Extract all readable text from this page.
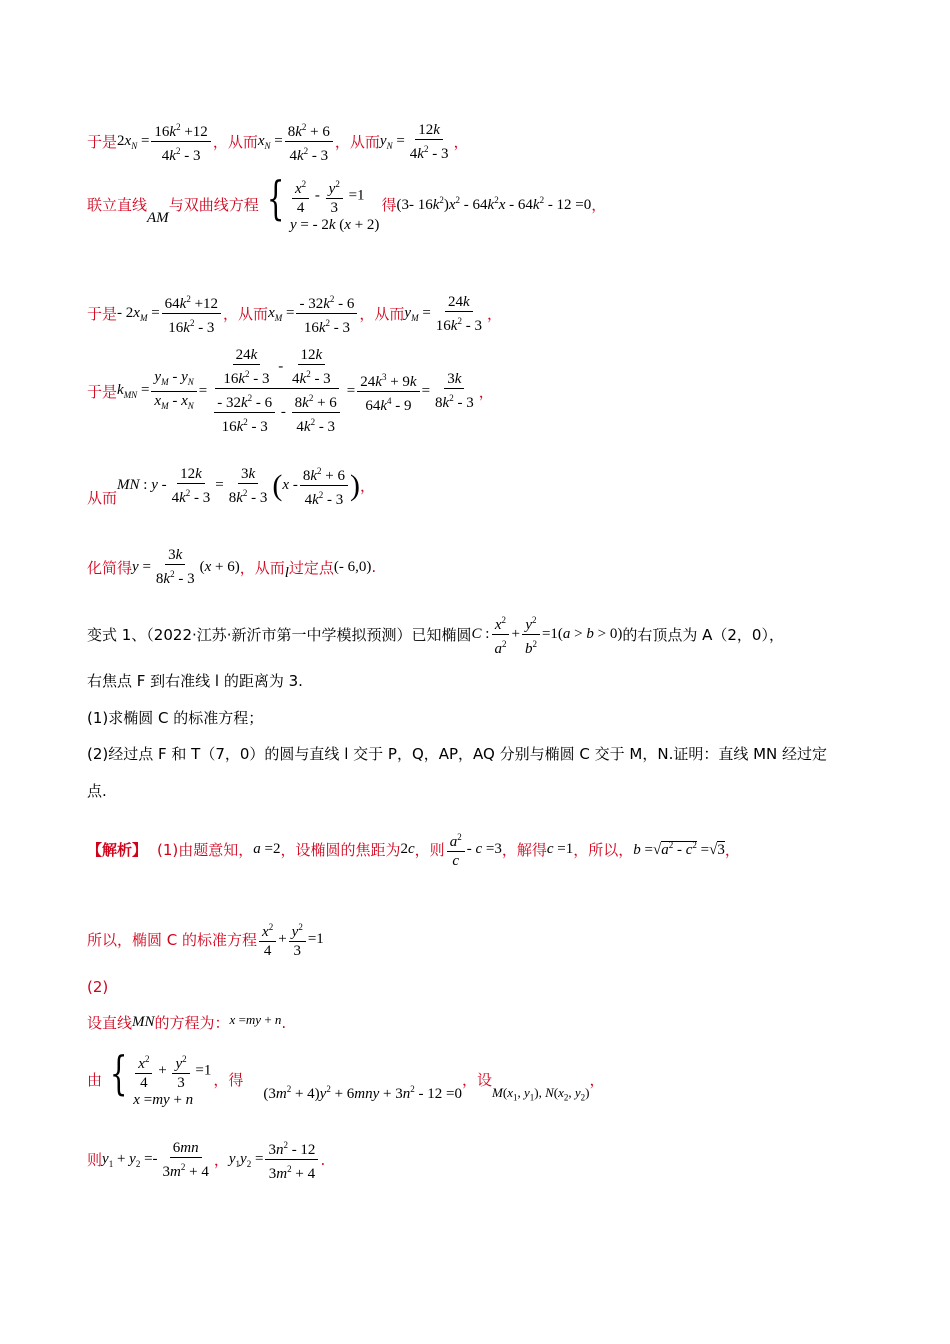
于是 $2x_N = \frac{16k^2 +12}{4k^2 - 3}$ ，从而 $x_N = \frac{8k^2 + 6}{4k^2 - 3}$ ，从而 $y_N = \frac{12k}{4k^2 - 3}$ ，
联立直线
AM
与双曲线方程 { $\frac{x^2}{4} - \frac{y^2}{3} =1$
y = - 2k (x + 2)
得 (3- $16k^2)x^2 - 64k^2x - 64k^2 - 12 =0$ ，
于是 - $2x_M = \frac{64k^2 +12}{16k^2 - 3}$ ，从而 $x_M = \frac{- 32k^2 - 6}{16k^2 - 3}$ ，从而 $y_M = \frac{24k}{16k^2 - 3}$ ，
于是 $k_{MN} = \frac{y_M - y_N}{x_M - x_N} = \frac{\frac{24k}{16k^2 - 3} - \frac{12k}{4k^2 - 3}}{\frac{- 32k^2 - 6}{16k^2 - 3} - \frac{8k^2 + 6}{4k^2 - 3}} = \frac{24k^3 + 9k}{64k^4 - 9} = \frac{3k}{8k^2 - 3}$ ，
从而
MN : $y - \frac{12k}{4k^2 - 3} = \frac{3k}{8k^2 - 3}$ ( x - $\frac{8k^2 + 6}{4k^2 - 3}$ ) ，
化简得 $y = \frac{3k}{8k^2 - 3} (x + 6)$ ，从而 l 过定点 (- 6,0) .
变式 1、（2022·江苏·新沂市第一中学模拟预测）已知椭圆 C : $\frac{x^2}{a^2} + \frac{y^2}{b^2} =1(a > b > 0)$ 的右顶点为 A（2，0），
右焦点 F 到右准线 l 的距离为 3.
(1)求椭圆 C 的标准方程；
(2)经过点 F 和 T（7，0）的圆与直线 l 交于 P，Q，AP，AQ 分别与椭圆 C 交于 M，N.证明：直线 MN 经过定
点.
【解析】 (1)由题意知， a =2 ，设椭圆的焦距为 2c ，则 $\frac{a^2}{c} - c =3$ ，解得 c =1 ，所以， $b =√a^2 - c^2 =√3$ ，
所以，椭圆 C 的标准方程 $\frac{x^2}{4} + \frac{y^2}{3} =1$
(2)
设直线 MN 的方程为： x =my + n .
由 { $\frac{x^2}{4} + \frac{y^2}{3} =1$
x =my + n
，得
$(3m^2 + 4)y^2 + 6mny + 3n^2 - 12 =0$
，设
$M(x_1$, $y_1$), $N(x_2$, $y_2$)
，
则 $y_1 + y_2 =- \frac{6mn}{3m^2 + 4}$ ， $y_1y_2 = \frac{3n^2 - 12}{3m^2 + 4}$ .
